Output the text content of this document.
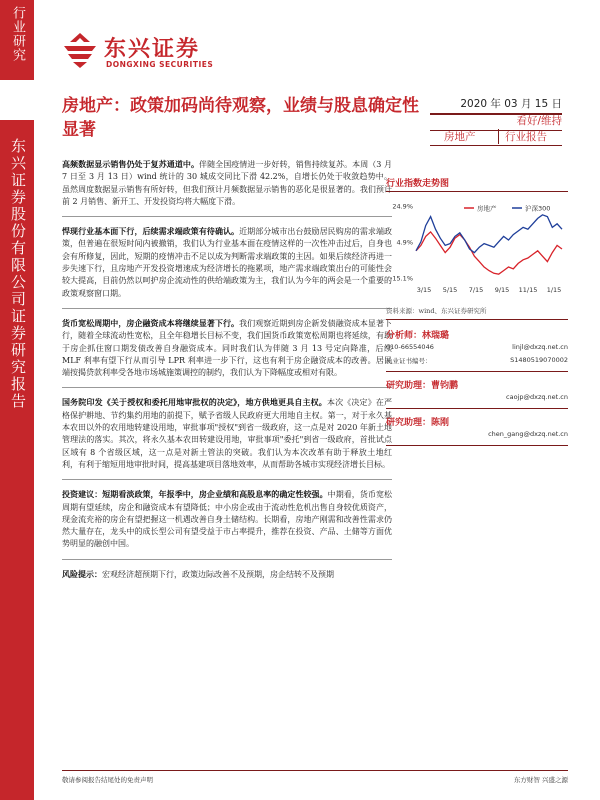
行业研究
东兴证券股份有限公司证券研究报告
东兴证券
DONGXING SECURITIES
房地产：政策加码尚待观察，业绩与股息确定性显著
2020 年 03 月 15 日
看好/维持
房地产	行业报告
高频数据显示销售仍处于复苏通道中。伴随全国疫情进一步好转，销售持续复苏。本周（3 月 7 日至 3 月 13 日）wind 统计的 30 城成交同比下滑 42.2%，自增长仍处于收敛趋势中。虽然周度数据显示销售有所好转，但我们预计月频数据显示销售的恶化是很显著的。我们预计前 2 月销售、新开工、开发投资均将大幅度下滑。
悍现行业基本面下行，后续需求端政策有待确认。近期部分城市出台鼓励居民购房的需求端政策，但普遍在很短时间内被撤销，我们认为行业基本面在疫情这样的一次性冲击过后，自身也会有所修复，因此，短期的疫情冲击不足以成为判断需求端政策的主因。如果后续经济再进一步失速下行，且房地产开发投资增速成为经济增长的拖累项，地产需求端政策出台的可能性会较大提高，目前仍然以呵护房企流动性的供给端政策为主，我们认为今年的两会是一个重要的政策观察窗口期。
货币宽松周期中，房企融资成本将继续显著下行。我们观察近期到房企新发债融资成本显著下行，随着全球流动性宽松，且全年稳增长目标不变，我们国货币政策宽松周期也将延续，有助于房企抓住窗口期发债改善自身融资成本。同时我们认为伴随 3 月 13 号定向降准，后续 MLF 利率有望下行从而引导 LPR 利率进一步下行，这也有利于房企融资成本的改善。居民端按揭贷款利率受各地市场城施策调控的制约，我们认为下降幅度或相对有限。
国务院印发《关于授权和委托用地审批权的决定》，地方供地更具自主权。本次《决定》在严格保护耕地、节约集约用地的前提下，赋予省级人民政府更大用地自主权。第一，对于永久基本农田以外的农用地转建设用地，审批事项"授权"到省一级政府，这一点是对 2020 年新土地管理法的落实。其次，将永久基本农田转建设用地，审批事项"委托"到省一级政府，首批试点区域有 8 个省级区域，这一点是对新土管法的突破。我们认为本次改革有助于释放土地红利，有利于缩短用地审批时间，提高基建项目落地效率，从而帮助各城市实现经济增长目标。
投资建议：短期看淡政策，年报季中，房企业绩和高股息率的确定性较强。中期看，货币宽松周期有望延续，房企和融资成本有望降低；中小房企或由于流动性危机出售自身较优质资产，现金流充裕的房企有望把握这一机遇改善自身土储结构。长期看，房地产刚需和改善性需求仍然大量存在，龙头中的成长型公司有望受益于市占率提升，推荐在投资、产品、土储等方面优势明显的融创中国。
风险提示：宏观经济超预期下行，政策边际改善不及预期，房企结转不及预期
行业指数走势图
24.9%
4.9%
-15.1%
3/15 5/15 7/15 9/15 11/15 1/15
房地产	沪深300
资料来源：wind、东兴证券研究所
分析师：林瑞璐
010-66554046	linjl@dxzq.net.cn
执业证书编号：	S1480519070002
研究助理：曹钧鹏
caojp@dxzq.net.cn
研究助理：陈刚
chen_gang@dxzq.net.cn
敬请参阅报告结尾处的免责声明	东方财智 兴盛之源
